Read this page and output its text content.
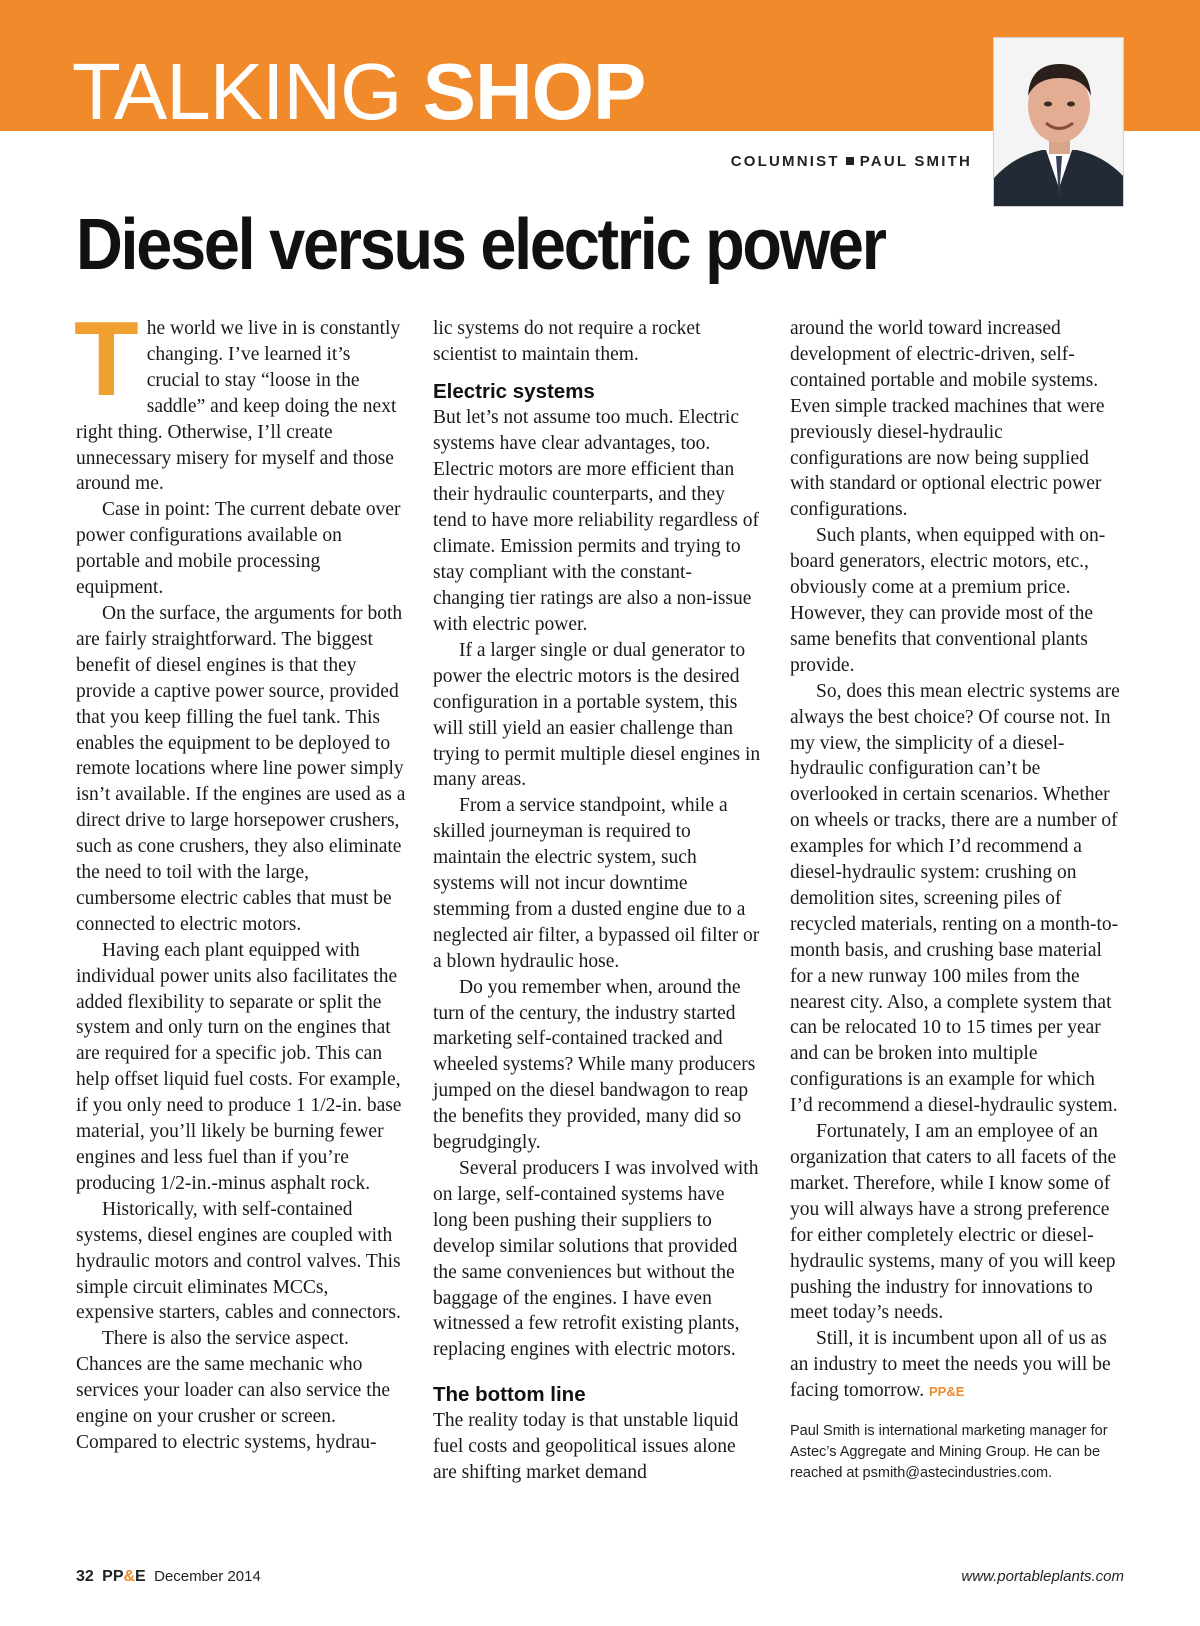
TALKING SHOP
COLUMNIST PAUL SMITH
Diesel versus electric power

The world we live in is constantly changing. I’ve learned it’s crucial to stay “loose in the saddle” and keep doing the next right thing. Otherwise, I’ll create unnecessary misery for myself and those around me.

Case in point: The current debate over power configurations available on portable and mobile processing equipment.

On the surface, the arguments for both are fairly straightforward. The biggest benefit of diesel engines is that they provide a captive power source, provided that you keep filling the fuel tank. This enables the equipment to be deployed to remote locations where line power simply isn’t available. If the engines are used as a direct drive to large horsepower crushers, such as cone crushers, they also eliminate the need to toil with the large, cumbersome electric cables that must be connected to electric motors.

Having each plant equipped with individual power units also facilitates the added flexibility to separate or split the system and only turn on the engines that are required for a specific job. This can help offset liquid fuel costs. For example, if you only need to produce 1 1/2-in. base material, you’ll likely be burning fewer engines and less fuel than if you’re producing 1/2-in.-minus asphalt rock.

Historically, with self-contained systems, diesel engines are coupled with hydraulic motors and control valves. This simple circuit eliminates MCCs, expensive starters, cables and connectors.

There is also the service aspect. Chances are the same mechanic who services your loader can also service the engine on your crusher or screen. Compared to electric systems, hydrau-

lic systems do not require a rocket scientist to maintain them.

Electric systems

But let’s not assume too much. Electric systems have clear advantages, too. Electric motors are more efficient than their hydraulic counterparts, and they tend to have more reliability regardless of climate. Emission permits and trying to stay compliant with the constant-changing tier ratings are also a non-issue with electric power.

If a larger single or dual generator to power the electric motors is the desired configuration in a portable system, this will still yield an easier challenge than trying to permit multiple diesel engines in many areas.

From a service standpoint, while a skilled journeyman is required to maintain the electric system, such systems will not incur downtime stemming from a dusted engine due to a neglected air filter, a bypassed oil filter or a blown hydraulic hose.

Do you remember when, around the turn of the century, the industry started marketing self-contained tracked and wheeled systems? While many producers jumped on the diesel bandwagon to reap the benefits they provided, many did so begrudgingly.

Several producers I was involved with on large, self-contained systems have long been pushing their suppliers to develop similar solutions that provided the same conveniences but without the baggage of the engines. I have even witnessed a few retrofit existing plants, replacing engines with electric motors.

The bottom line

The reality today is that unstable liquid fuel costs and geopolitical issues alone are shifting market demand

around the world toward increased development of electric-driven, self-contained portable and mobile systems. Even simple tracked machines that were previously diesel-hydraulic configurations are now being supplied with standard or optional electric power configurations.

Such plants, when equipped with on-board generators, electric motors, etc., obviously come at a premium price. However, they can provide most of the same benefits that conventional plants provide.

So, does this mean electric systems are always the best choice? Of course not. In my view, the simplicity of a diesel-hydraulic configuration can’t be overlooked in certain scenarios. Whether on wheels or tracks, there are a number of examples for which I’d recommend a diesel-hydraulic system: crushing on demolition sites, screening piles of recycled materials, renting on a month-to-month basis, and crushing base material for a new runway 100 miles from the nearest city. Also, a complete system that can be relocated 10 to 15 times per year and can be broken into multiple configurations is an example for which I’d recommend a diesel-hydraulic system.

Fortunately, I am an employee of an organization that caters to all facets of the market. Therefore, while I know some of you will always have a strong preference for either completely electric or diesel-hydraulic systems, many of you will keep pushing the industry for innovations to meet today’s needs.

Still, it is incumbent upon all of us as an industry to meet the needs you will be facing tomorrow. PP&E

Paul Smith is international marketing manager for Astec’s Aggregate and Mining Group. He can be reached at psmith@astecindustries.com.
32 PP&E December 2014	www.portableplants.com
